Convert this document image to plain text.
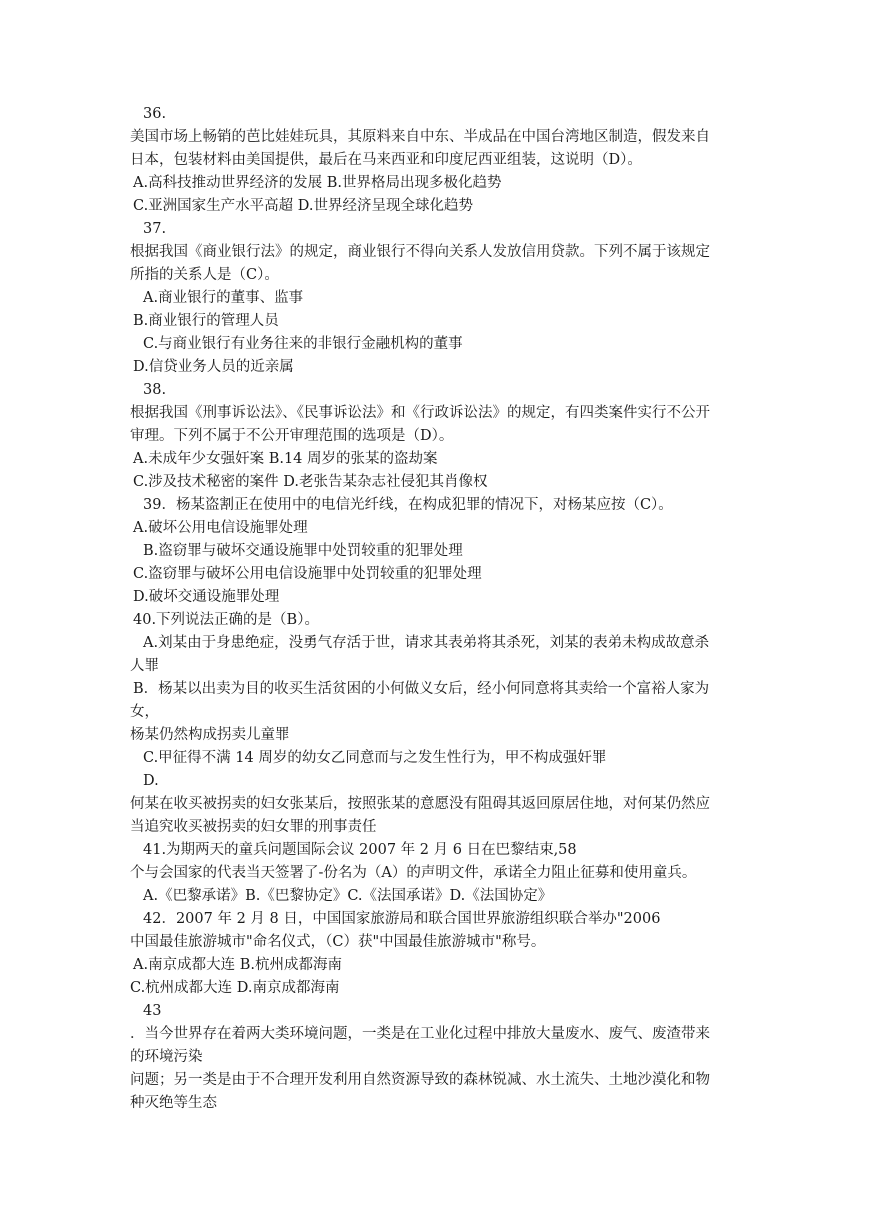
36.
美国市场上畅销的芭比娃娃玩具，其原料来自中东、半成品在中国台湾地区制造，假发来自
日本，包装材料由美国提供，最后在马来西亚和印度尼西亚组装，这说明（D）。
A.高科技推动世界经济的发展 B.世界格局出现多极化趋势
C.亚洲国家生产水平高超 D.世界经济呈现全球化趋势
37.
根据我国《商业银行法》的规定，商业银行不得向关系人发放信用贷款。下列不属于该规定
所指的关系人是（C）。
A.商业银行的董事、监事
B.商业银行的管理人员
C.与商业银行有业务往来的非银行金融机构的董事
D.信贷业务人员的近亲属
38.
根据我国《刑事诉讼法》、《民事诉讼法》和《行政诉讼法》的规定，有四类案件实行不公开
审理。下列不属于不公开审理范围的选项是（D）。
A.未成年少女强奸案 B.14 周岁的张某的盗劫案
C.涉及技术秘密的案件 D.老张告某杂志社侵犯其肖像权
39．杨某盗割正在使用中的电信光纤线，在构成犯罪的情况下，对杨某应按（C）。
A.破坏公用电信设施罪处理
B.盗窃罪与破坏交通设施罪中处罚较重的犯罪处理
C.盗窃罪与破坏公用电信设施罪中处罚较重的犯罪处理
D.破坏交通设施罪处理
40.下列说法正确的是（B）。
A.刘某由于身患绝症，没勇气存活于世，请求其表弟将其杀死，刘某的表弟未构成故意杀
人罪
B．杨某以出卖为目的收买生活贫困的小何做义女后，经小何同意将其卖给一个富裕人家为
女，
杨某仍然构成拐卖儿童罪
C.甲征得不满 14 周岁的幼女乙同意而与之发生性行为，甲不构成强奸罪
D.
何某在收买被拐卖的妇女张某后，按照张某的意愿没有阻碍其返回原居住地，对何某仍然应
当追究收买被拐卖的妇女罪的刑事责任
41.为期两天的童兵问题国际会议 2007 年 2 月 6 日在巴黎结束,58
个与会国家的代表当天签署了-份名为（A）的声明文件，承诺全力阻止征募和使用童兵。
A.《巴黎承诺》B.《巴黎协定》C.《法国承诺》D.《法国协定》
42．2007 年 2 月 8 日，中国国家旅游局和联合国世界旅游组织联合举办"2006
中国最佳旅游城市"命名仪式，（C）获"中国最佳旅游城市"称号。
A.南京成都大连 B.杭州成都海南
C.杭州成都大连 D.南京成都海南
43
．当今世界存在着两大类环境问题，一类是在工业化过程中排放大量废水、废气、废渣带来
的环境污染
问题；另一类是由于不合理开发利用自然资源导致的森林锐减、水土流失、土地沙漠化和物
种灭绝等生态
